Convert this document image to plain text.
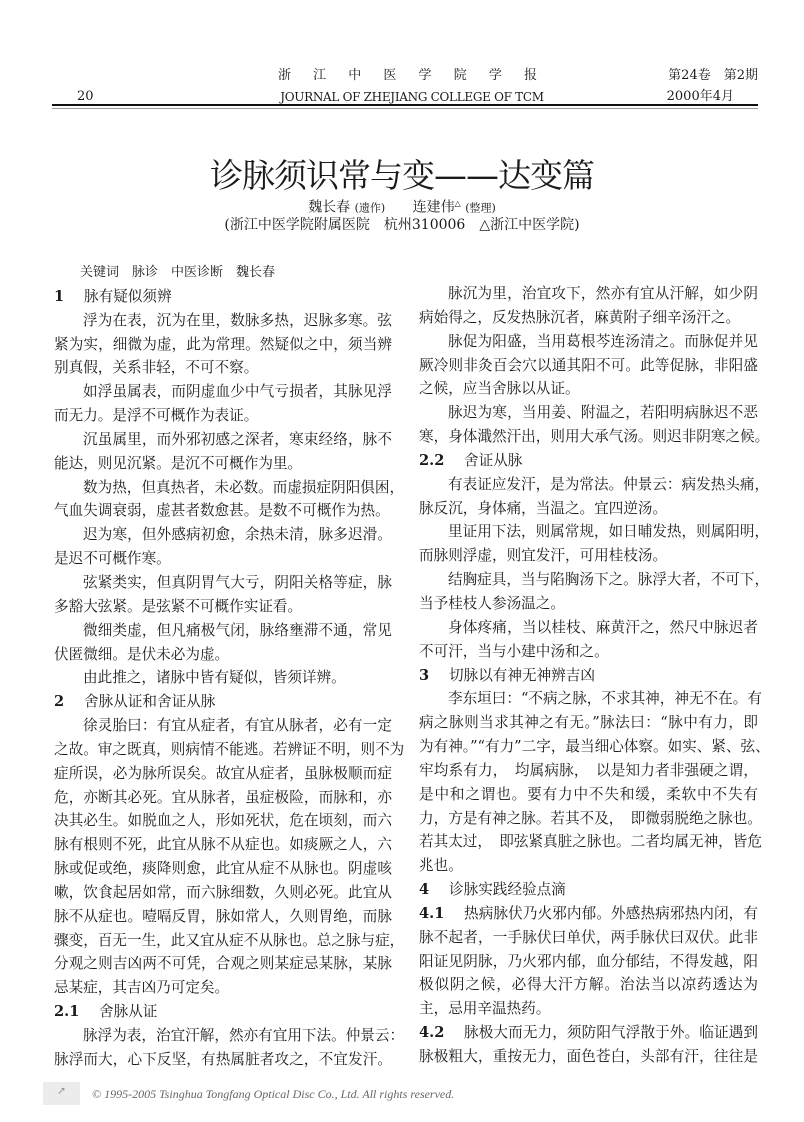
浙 江 中 医 学 院 学 报	第24卷　第2期
20	JOURNAL OF ZHEJIANG COLLEGE OF TCM	2000年4月
诊脉须识常与变——达变篇
魏长春 (遗作)   连建伟△ (整理)
(浙江中医学院附属医院　杭州310006　△浙江中医学院)
关键词  脉诊　中医诊断　魏长春
1 脉有疑似须辨
浮为在表，沉为在里，数脉多热，迟脉多寒。弦
紧为实，细微为虚，此为常理。然疑似之中，须当辨
别真假，关系非轻，不可不察。
如浮虽属表，而阴虚血少中气亏损者，其脉见浮
而无力。是浮不可概作为表证。
沉虽属里，而外邪初感之深者，寒束经络，脉不
能达，则见沉紧。是沉不可概作为里。
数为热，但真热者，未必数。而虚损症阴阳俱困，
气血失调衰弱，虚甚者数愈甚。是数不可概作为热。
迟为寒，但外感病初愈，余热未清，脉多迟滑。
是迟不可概作寒。
弦紧类实，但真阴胃气大亏，阴阳关格等症，脉
多豁大弦紧。是弦紧不可概作实证看。
微细类虚，但凡痛极气闭，脉络壅滞不通，常见
伏匿微细。是伏未必为虚。
由此推之，诸脉中皆有疑似，皆须详辨。
2 舍脉从证和舍证从脉
徐灵胎曰：有宜从症者，有宜从脉者，必有一定
之故。审之既真，则病情不能逃。若辨证不明，则不为
症所误，必为脉所误矣。故宜从症者，虽脉极顺而症
危，亦断其必死。宜从脉者，虽症极险，而脉和，亦
决其必生。如脱血之人，形如死状，危在顷刻，而六
脉有根则不死，此宜从脉不从症也。如痰厥之人，六
脉或促或绝，痰降则愈，此宜从症不从脉也。阴虚咳
嗽，饮食起居如常，而六脉细数，久则必死。此宜从
脉不从症也。噎嗝反胃，脉如常人，久则胃绝，而脉
骤变，百无一生，此又宜从症不从脉也。总之脉与症，
分观之则吉凶两不可凭，合观之则某症忌某脉，某脉
忌某症，其吉凶乃可定矣。
2.1 舍脉从证
脉浮为表，治宜汗解，然亦有宜用下法。仲景云：
脉浮而大，心下反坚，有热属脏者攻之，不宜发汗。
脉沉为里，治宜攻下，然亦有宜从汗解，如少阴
病始得之，反发热脉沉者，麻黄附子细辛汤汗之。
脉促为阳盛，当用葛根芩连汤清之。而脉促并见
厥冷则非灸百会穴以通其阳不可。此等促脉，非阳盛
之候，应当舍脉以从证。
脉迟为寒，当用姜、附温之，若阳明病脉迟不恶
寒，身体濈然汗出，则用大承气汤。则迟非阴寒之候。
2.2 舍证从脉
有表证应发汗，是为常法。仲景云：病发热头痛，
脉反沉，身体痛，当温之。宜四逆汤。
里证用下法，则属常规，如日晡发热，则属阳明，
而脉则浮虚，则宜发汗，可用桂枝汤。
结胸症具，当与陷胸汤下之。脉浮大者，不可下，
当予桂枝人参汤温之。
身体疼痛，当以桂枝、麻黄汗之，然尺中脉迟者
不可汗，当与小建中汤和之。
3 切脉以有神无神辨吉凶
李东垣曰：“不病之脉，不求其神，神无不在。有
病之脉则当求其神之有无。”脉法曰：“脉中有力，即
为有神。”“有力”二字，最当细心体察。如实、紧、弦、
牢均系有力，　均属病脉，　以是知力者非强硬之谓，
是中和之谓也。要有力中不失和缓，柔软中不失有
力，方是有神之脉。若其不及，　即微弱脱绝之脉也。
若其太过，　即弦紧真脏之脉也。二者均属无神，皆危
兆也。
4 诊脉实践经验点滴
4.1	热病脉伏乃火邪内郁。外感热病邪热内闭，有
脉不起者，一手脉伏曰单伏，两手脉伏曰双伏。此非
阳证见阴脉，乃火邪内郁，血分郁结，不得发越，阳
极似阴之候，必得大汗方解。治法当以凉药透达为
主，忌用辛温热药。
4.2	脉极大而无力，须防阳气浮散于外。临证遇到
脉极粗大，重按无力，面色苍白，头部有汗，往往是
➚ © 1995-2005 Tsinghua Tongfang Optical Disc Co., Ltd. All rights reserved.
